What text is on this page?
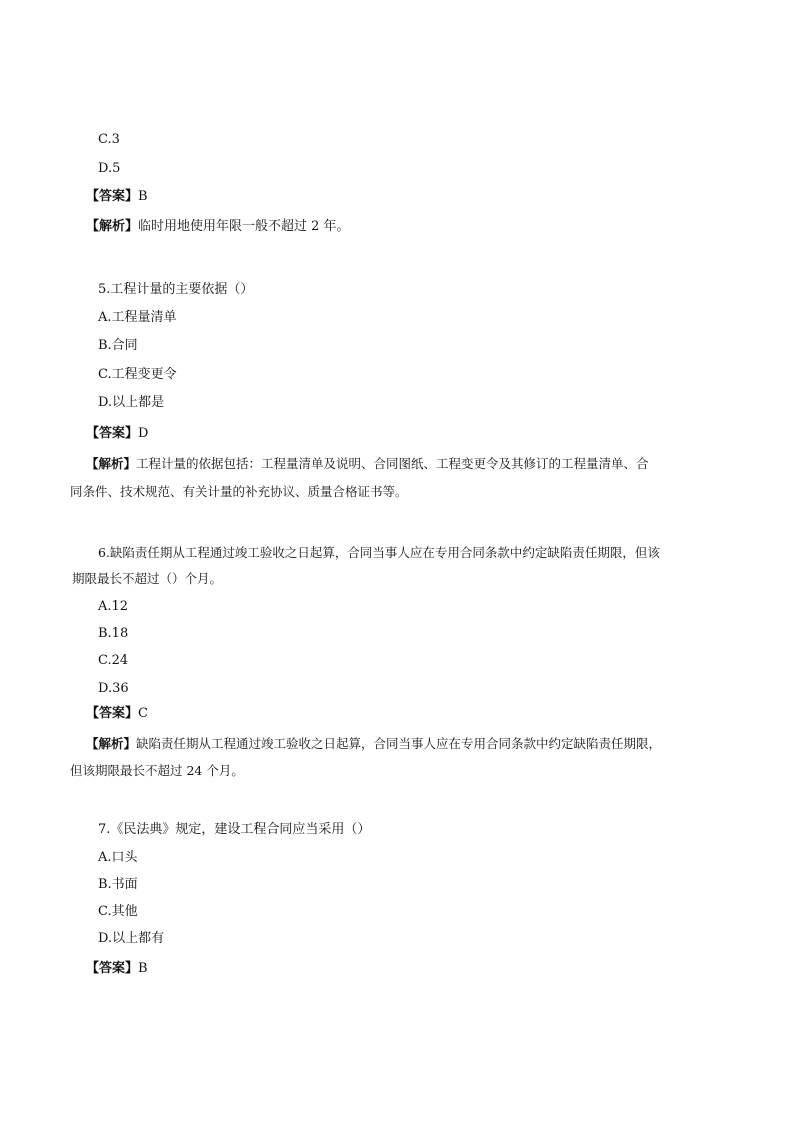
C.3
D.5
【答案】B
【解析】临时用地使用年限一般不超过 2 年。
5.工程计量的主要依据（）
A.工程量清单
B.合同
C.工程变更令
D.以上都是
【答案】D
【解析】工程计量的依据包括：工程量清单及说明、合同图纸、工程变更令及其修订的工程量清单、合
同条件、技术规范、有关计量的补充协议、质量合格证书等。
6.缺陷责任期从工程通过竣工验收之日起算，合同当事人应在专用合同条款中约定缺陷责任期限，但该
期限最长不超过（）个月。
A.12
B.18
C.24
D.36
【答案】C
【解析】缺陷责任期从工程通过竣工验收之日起算，合同当事人应在专用合同条款中约定缺陷责任期限，
但该期限最长不超过 24 个月。
7.《民法典》规定，建设工程合同应当采用（）
A.口头
B.书面
C.其他
D.以上都有
【答案】B
